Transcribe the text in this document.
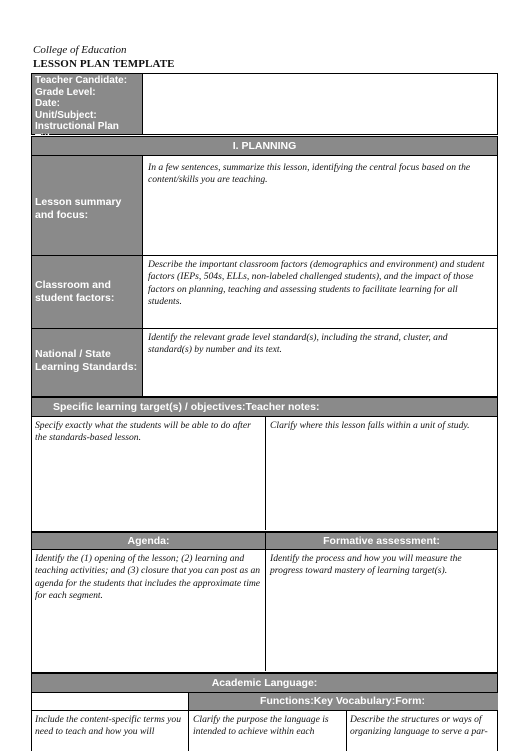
College of Education
LESSON PLAN TEMPLATE
Teacher Candidate:
Grade Level:
Date:
Unit/Subject:
Instructional Plan
I. PLANNING
Lesson summary
and focus:
In a few sentences, summarize this lesson, identifying the central focus based on the content/skills you are teaching.
Classroom and
student factors:
Describe the important classroom factors (demographics and environment) and student factors (IEPs, 504s, ELLs, non-labeled challenged students), and the impact of those factors on planning, teaching and assessing students to facilitate learning for all students.
National / State
Learning Standards:
Identify the relevant grade level standard(s), including the strand, cluster, and standard(s) by number and its text.
Specific learning target(s) / objectives:Teacher notes:
Specify exactly what the students will be able to do after the standards-based lesson.
Clarify where this lesson falls within a unit of study.
Agenda:	Formative assessment:
Identify the (1) opening of the lesson; (2) learning and teaching activities; and (3) closure that you can post as an agenda for the students that includes the approximate time for each segment.
Identify the process and how you will measure the progress toward mastery of learning target(s).
Academic Language:
Functions:Key Vocabulary:Form:
Include the content-specific terms you need to teach and how you will
Clarify the purpose the language is intended to achieve within each
Describe the structures or ways of organizing language to serve a par-
